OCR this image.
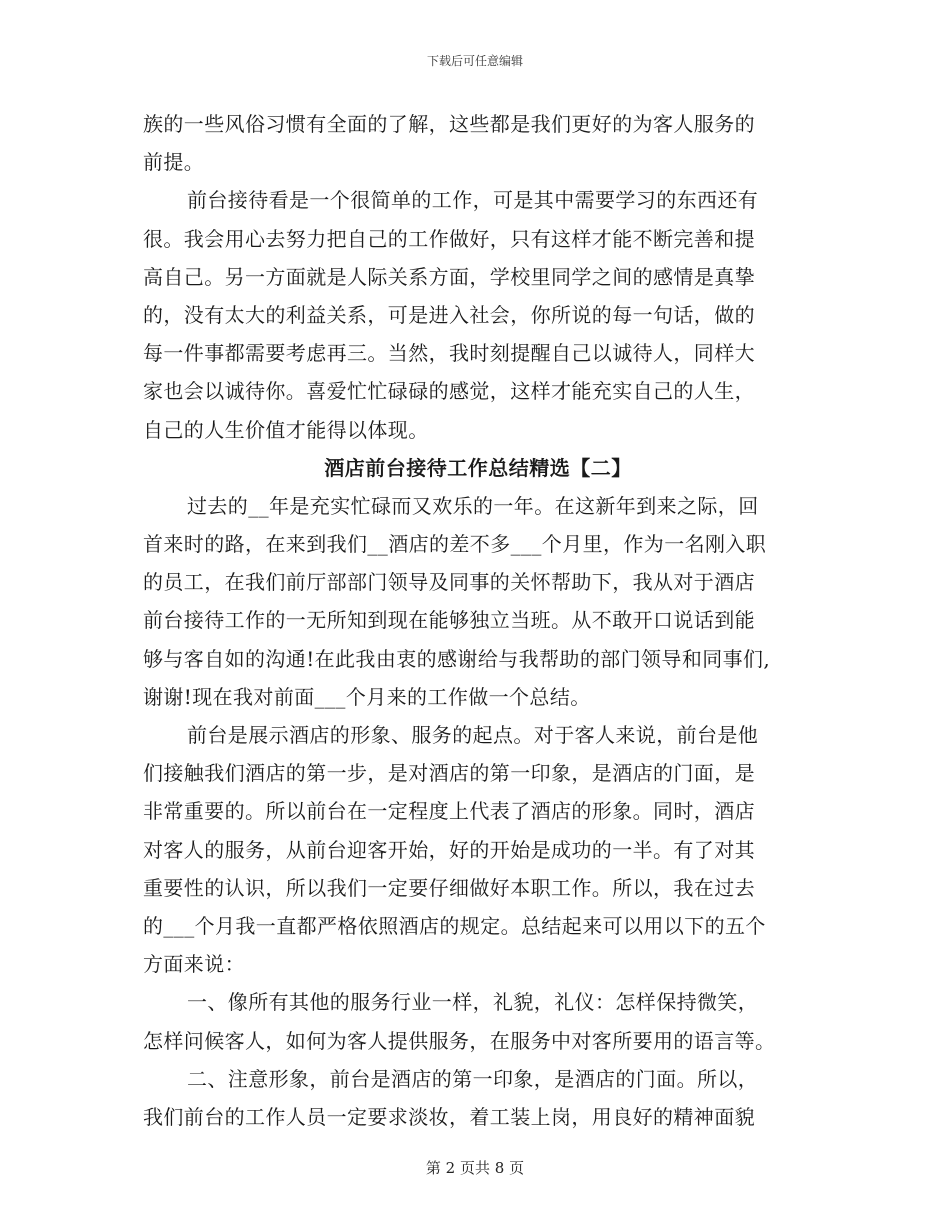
下载后可任意编辑
族的一些风俗习惯有全面的了解，这些都是我们更好的为客人服务的
前提。
前台接待看是一个很简单的工作，可是其中需要学习的东西还有
很。我会用心去努力把自己的工作做好，只有这样才能不断完善和提
高自己。另一方面就是人际关系方面，学校里同学之间的感情是真挚
的，没有太大的利益关系，可是进入社会，你所说的每一句话，做的
每一件事都需要考虑再三。当然，我时刻提醒自己以诚待人，同样大
家也会以诚待你。喜爱忙忙碌碌的感觉，这样才能充实自己的人生，
自己的人生价值才能得以体现。
酒店前台接待工作总结精选【二】
过去的__年是充实忙碌而又欢乐的一年。在这新年到来之际，回
首来时的路，在来到我们__酒店的差不多___个月里，作为一名刚入职
的员工，在我们前厅部部门领导及同事的关怀帮助下，我从对于酒店
前台接待工作的一无所知到现在能够独立当班。从不敢开口说话到能
够与客自如的沟通!在此我由衷的感谢给与我帮助的部门领导和同事们,
谢谢!现在我对前面___个月来的工作做一个总结。
前台是展示酒店的形象、服务的起点。对于客人来说，前台是他
们接触我们酒店的第一步，是对酒店的第一印象，是酒店的门面，是
非常重要的。所以前台在一定程度上代表了酒店的形象。同时，酒店
对客人的服务，从前台迎客开始，好的开始是成功的一半。有了对其
重要性的认识，所以我们一定要仔细做好本职工作。所以，我在过去
的___个月我一直都严格依照酒店的规定。总结起来可以用以下的五个
方面来说：
一、像所有其他的服务行业一样，礼貌，礼仪：怎样保持微笑，
怎样问候客人，如何为客人提供服务，在服务中对客所要用的语言等。
二、注意形象，前台是酒店的第一印象，是酒店的门面。所以，
我们前台的工作人员一定要求淡妆，着工装上岗，用良好的精神面貌
第 2 页共 8 页
